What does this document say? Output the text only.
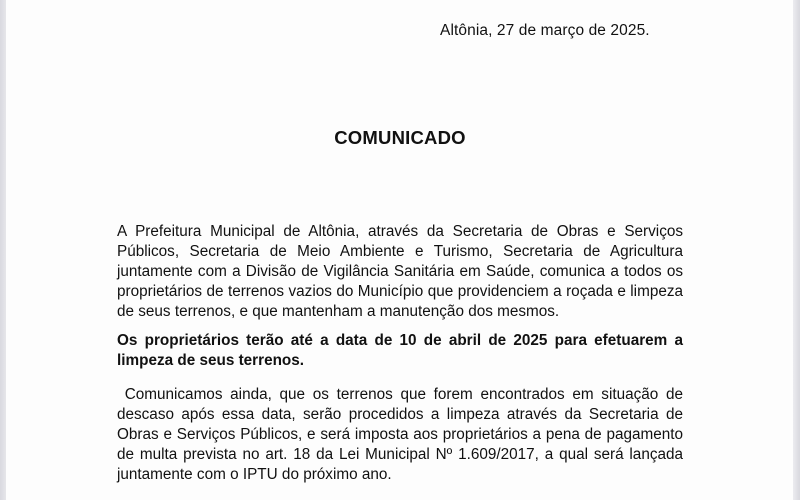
Altônia, 27 de março de 2025.
COMUNICADO
A Prefeitura Municipal de Altônia, através da Secretaria de Obras e Serviços Públicos, Secretaria de Meio Ambiente e Turismo, Secretaria de Agricultura juntamente com a Divisão de Vigilância Sanitária em Saúde, comunica a todos os proprietários de terrenos vazios do Município que providenciem a roçada e limpeza de seus terrenos, e que mantenham a manutenção dos mesmos.
Os proprietários terão até a data de 10 de abril de 2025 para efetuarem a limpeza de seus terrenos.
Comunicamos ainda, que os terrenos que forem encontrados em situação de descaso após essa data, serão procedidos a limpeza através da Secretaria de Obras e Serviços Públicos, e será imposta aos proprietários a pena de pagamento de multa prevista no art. 18 da Lei Municipal Nº 1.609/2017, a qual será lançada juntamente com o IPTU do próximo ano.
